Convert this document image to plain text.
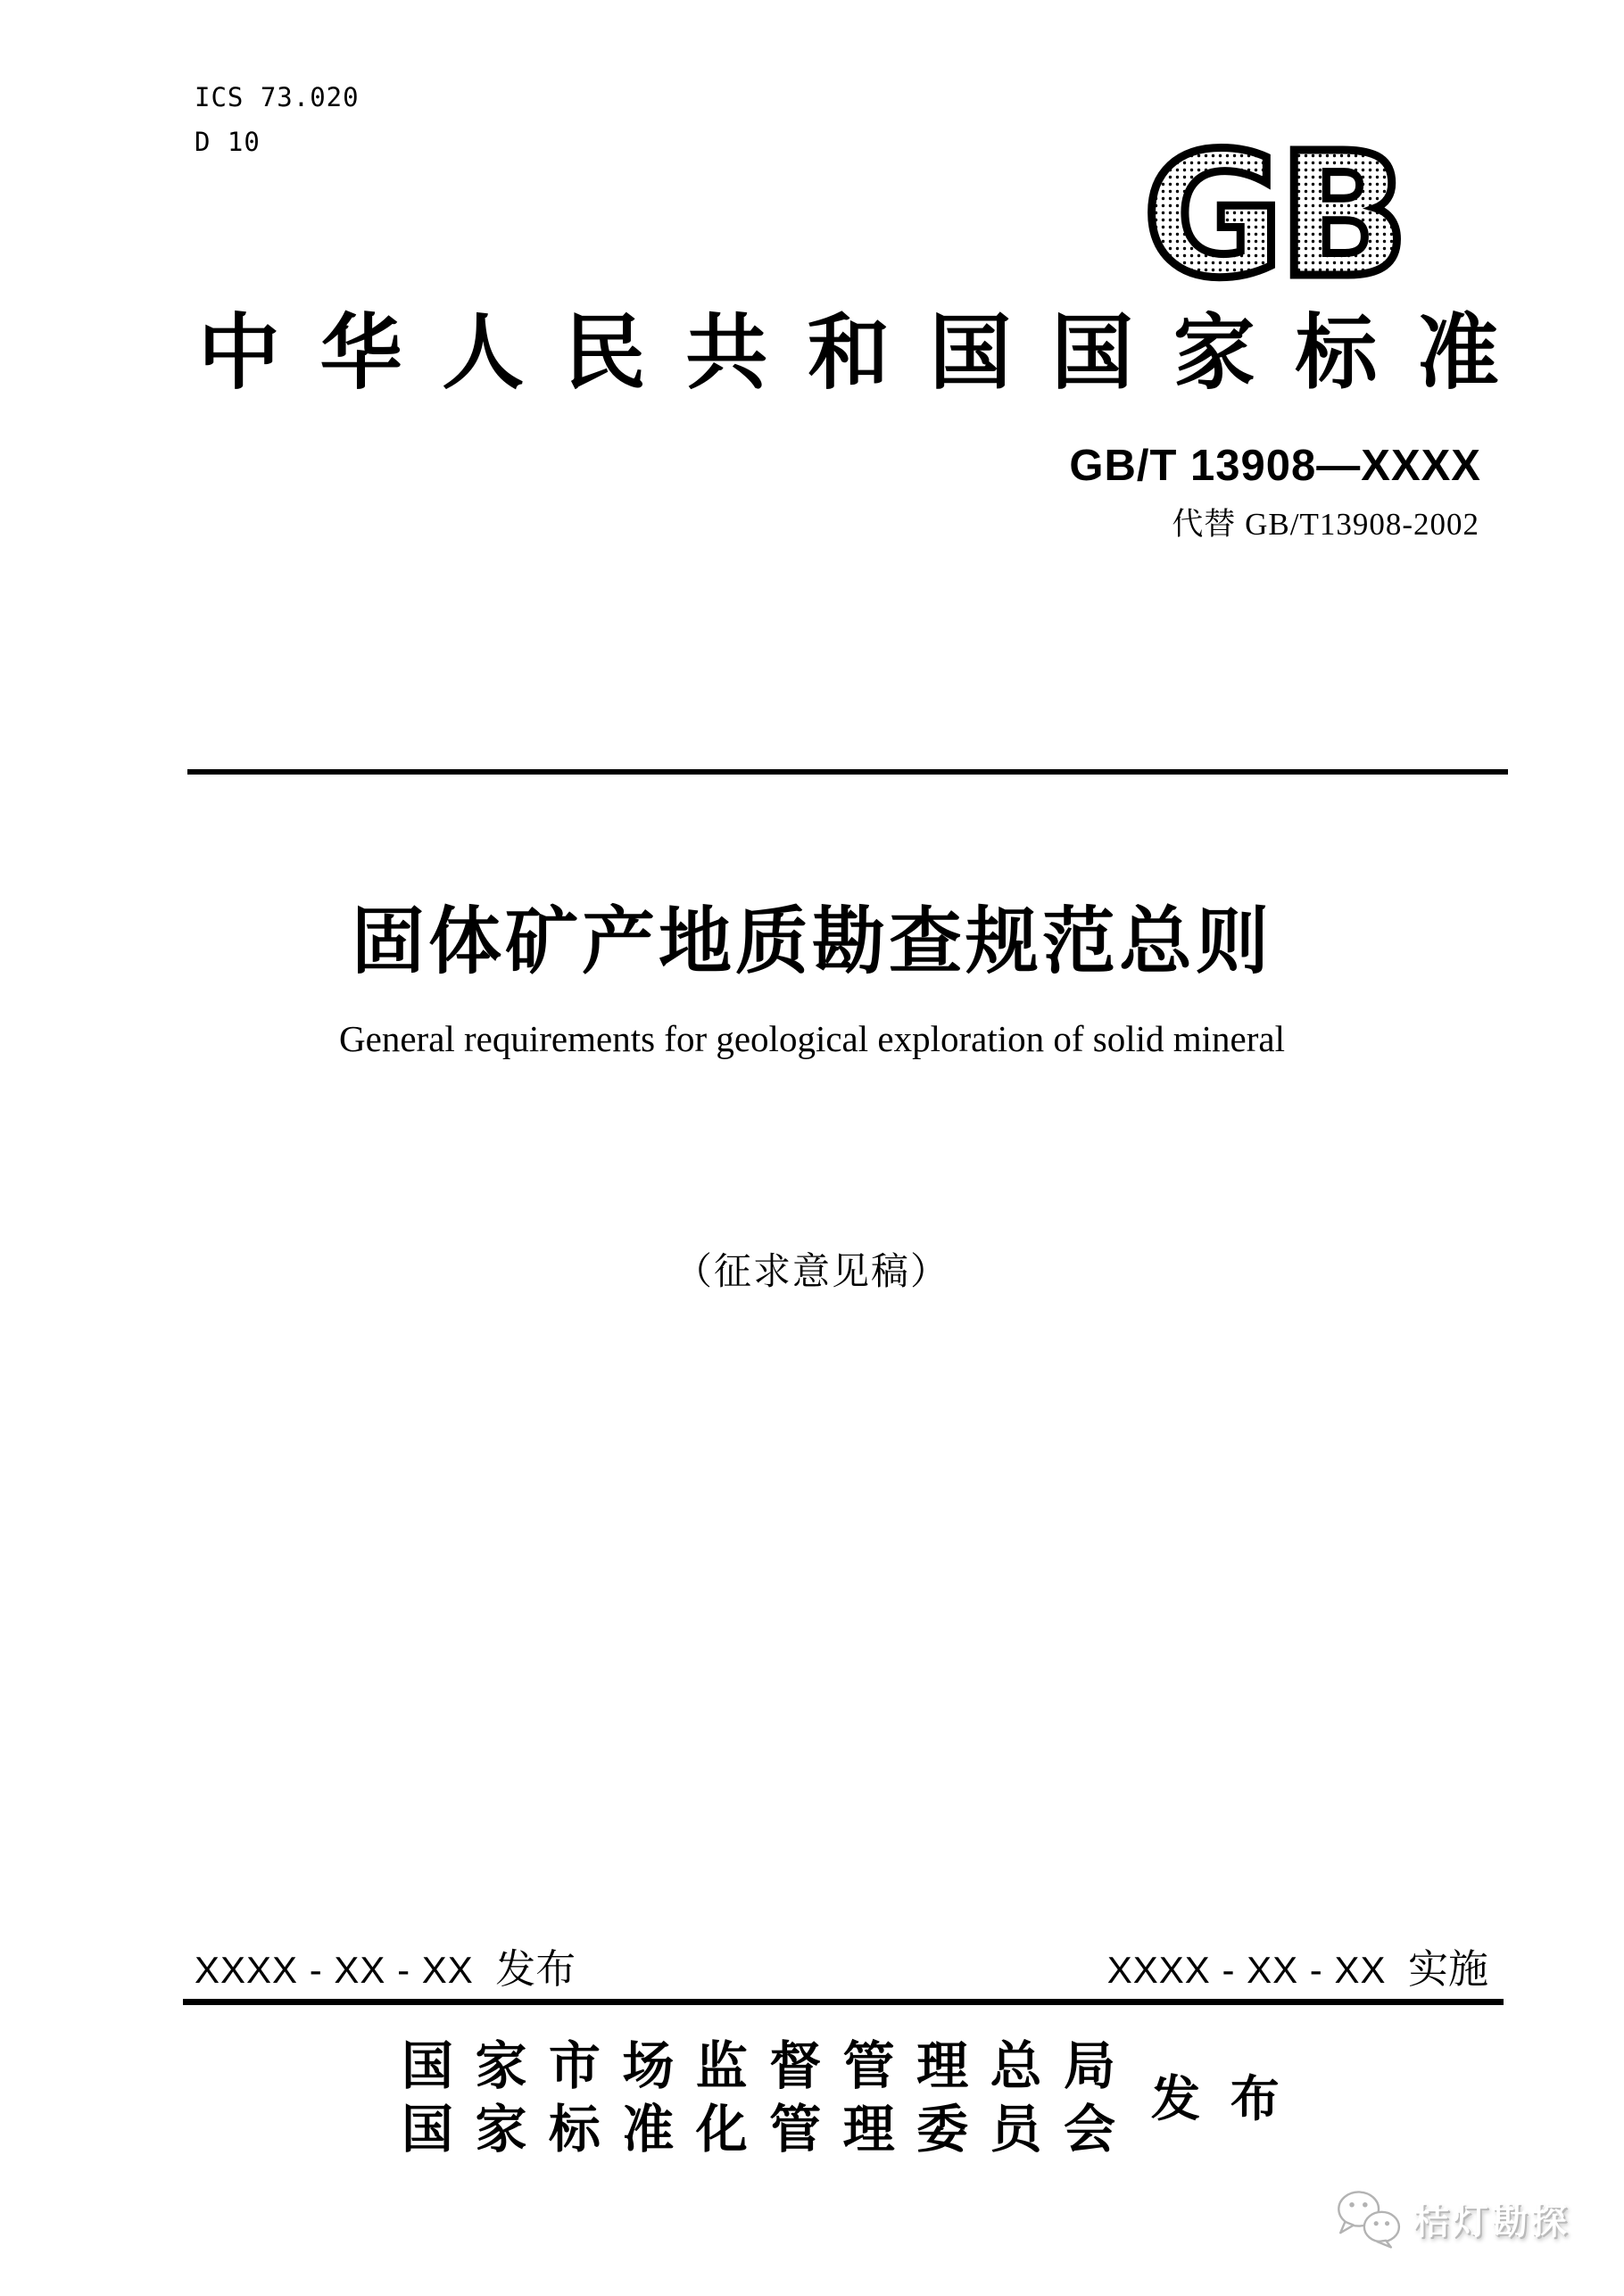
ICS 73.020
D 10	GB
中 华 人 民 共 和 国 国 家 标 准
GB/T 13908—XXXX
代替 GB/T13908-2002
固体矿产地质勘查规范总则
General requirements for geological exploration of solid mineral
（征求意见稿）
XXXX - XX - XX 发布	XXXX - XX - XX 实施
国 家 市 场 监 督 管 理 总 局
国 家 标 准 化 管 理 委 员 会
发 布
桔灯勘探
